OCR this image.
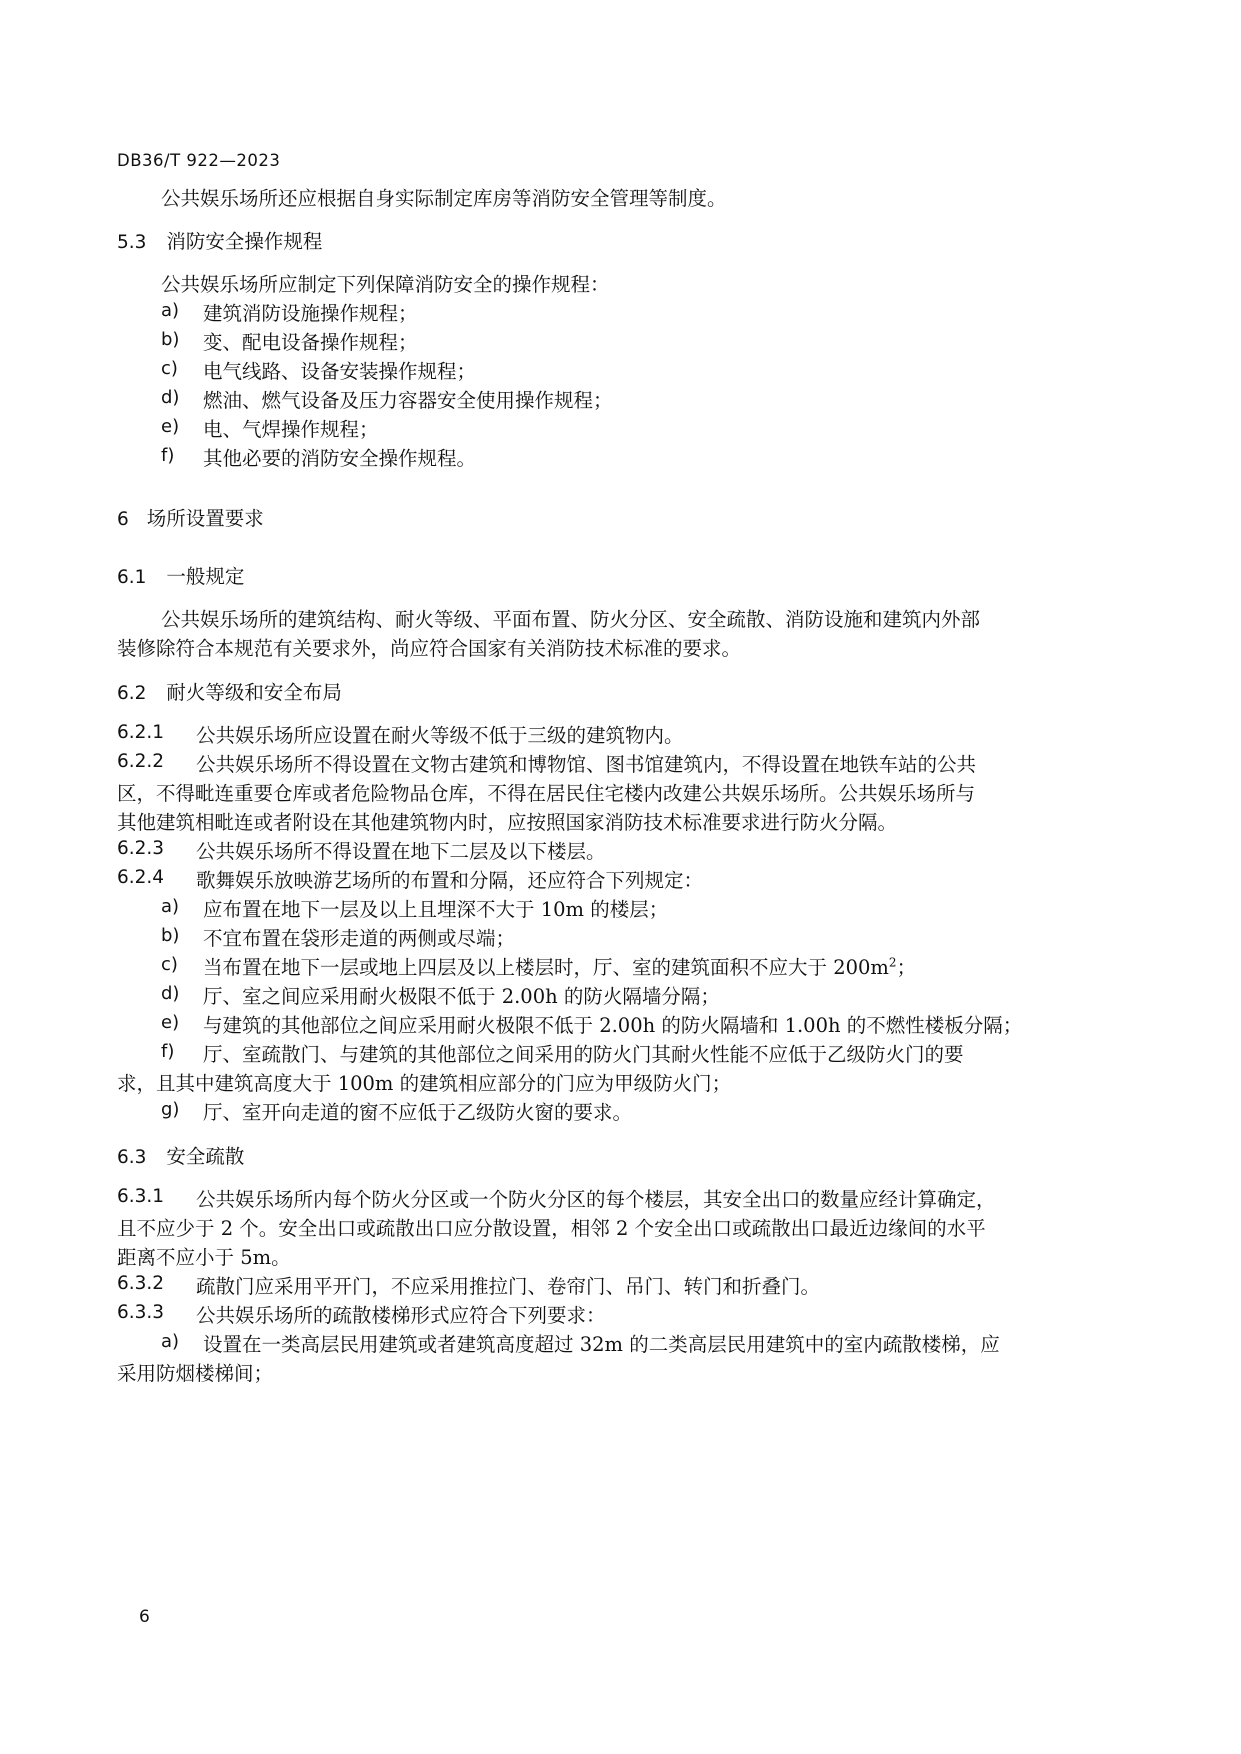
DB36/T 922—2023
公共娱乐场所还应根据自身实际制定库房等消防安全管理等制度。
5.3 消防安全操作规程
公共娱乐场所应制定下列保障消防安全的操作规程：
a) 建筑消防设施操作规程；
b) 变、配电设备操作规程；
c) 电气线路、设备安装操作规程；
d) 燃油、燃气设备及压力容器安全使用操作规程；
e) 电、气焊操作规程；
f) 其他必要的消防安全操作规程。
6 场所设置要求
6.1 一般规定
公共娱乐场所的建筑结构、耐火等级、平面布置、防火分区、安全疏散、消防设施和建筑内外部
装修除符合本规范有关要求外，尚应符合国家有关消防技术标准的要求。
6.2 耐火等级和安全布局
6.2.1 公共娱乐场所应设置在耐火等级不低于三级的建筑物内。
6.2.2 公共娱乐场所不得设置在文物古建筑和博物馆、图书馆建筑内，不得设置在地铁车站的公共
区，不得毗连重要仓库或者危险物品仓库，不得在居民住宅楼内改建公共娱乐场所。公共娱乐场所与
其他建筑相毗连或者附设在其他建筑物内时，应按照国家消防技术标准要求进行防火分隔。
6.2.3 公共娱乐场所不得设置在地下二层及以下楼层。
6.2.4 歌舞娱乐放映游艺场所的布置和分隔，还应符合下列规定：
a) 应布置在地下一层及以上且埋深不大于 10m 的楼层；
b) 不宜布置在袋形走道的两侧或尽端；
c) 当布置在地下一层或地上四层及以上楼层时，厅、室的建筑面积不应大于 $200m^2$；
d) 厅、室之间应采用耐火极限不低于 2.00h 的防火隔墙分隔；
e) 与建筑的其他部位之间应采用耐火极限不低于 2.00h 的防火隔墙和 1.00h 的不燃性楼板分隔；
f) 厅、室疏散门、与建筑的其他部位之间采用的防火门其耐火性能不应低于乙级防火门的要
求，且其中建筑高度大于 100m 的建筑相应部分的门应为甲级防火门；
g) 厅、室开向走道的窗不应低于乙级防火窗的要求。
6.3 安全疏散
6.3.1 公共娱乐场所内每个防火分区或一个防火分区的每个楼层，其安全出口的数量应经计算确定，
且不应少于 2 个。安全出口或疏散出口应分散设置，相邻 2 个安全出口或疏散出口最近边缘间的水平
距离不应小于 5m。
6.3.2 疏散门应采用平开门，不应采用推拉门、卷帘门、吊门、转门和折叠门。
6.3.3 公共娱乐场所的疏散楼梯形式应符合下列要求：
a) 设置在一类高层民用建筑或者建筑高度超过 32m 的二类高层民用建筑中的室内疏散楼梯，应
采用防烟楼梯间；
6
